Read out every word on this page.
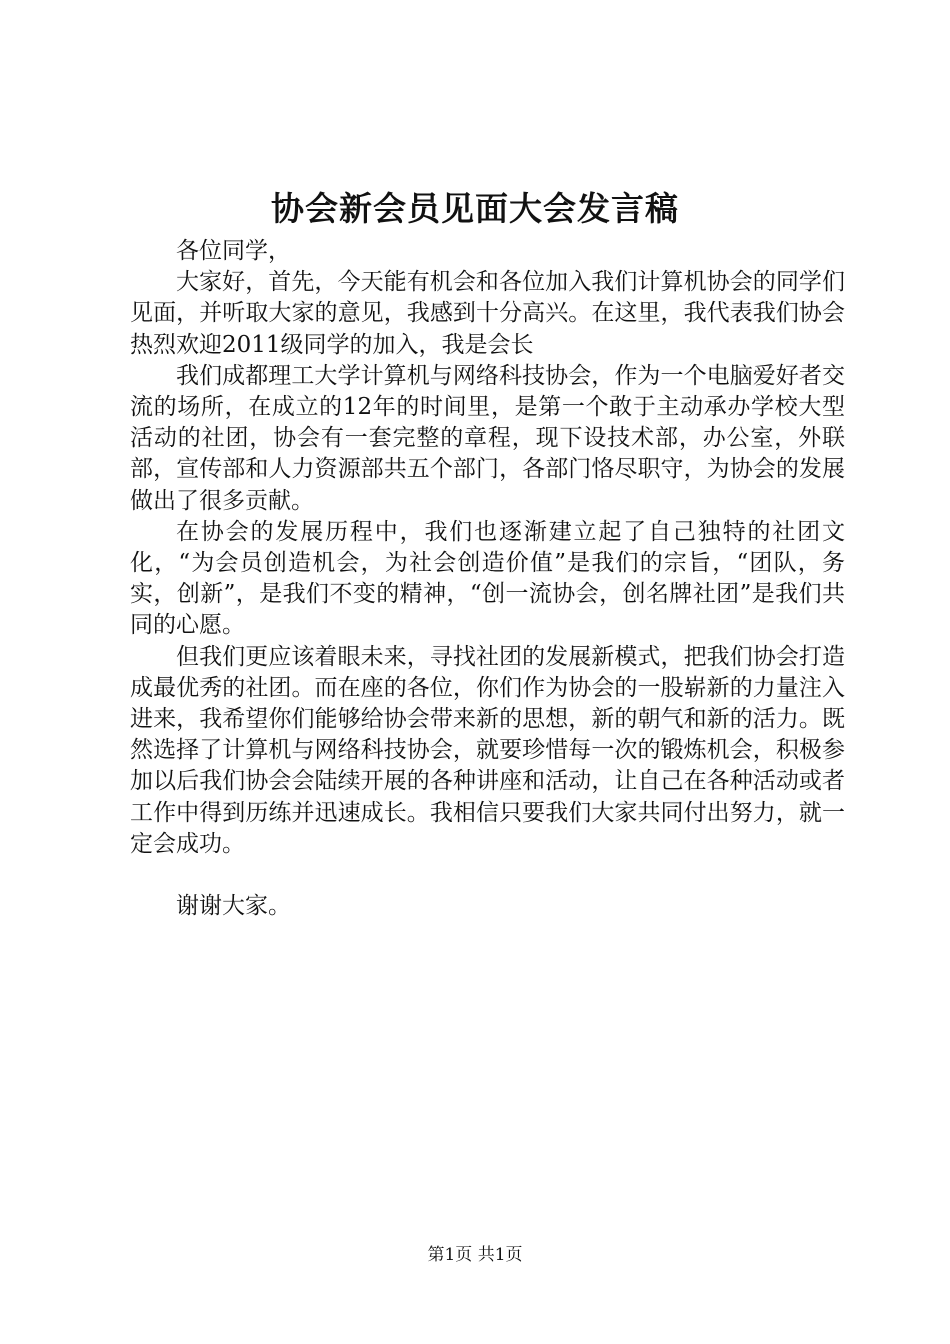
协会新会员见面大会发言稿

各位同学，

大家好，首先，今天能有机会和各位加入我们计算机协会的同学们见面，并听取大家的意见，我感到十分高兴。在这里，我代表我们协会热烈欢迎2011级同学的加入，我是会长

我们成都理工大学计算机与网络科技协会，作为一个电脑爱好者交流的场所，在成立的12年的时间里，是第一个敢于主动承办学校大型活动的社团，协会有一套完整的章程，现下设技术部，办公室，外联部，宣传部和人力资源部共五个部门，各部门恪尽职守，为协会的发展做出了很多贡献。

在协会的发展历程中，我们也逐渐建立起了自己独特的社团文化，“为会员创造机会，为社会创造价值”是我们的宗旨，“团队，务实，创新”，是我们不变的精神，“创一流协会，创名牌社团”是我们共同的心愿。

但我们更应该着眼未来，寻找社团的发展新模式，把我们协会打造成最优秀的社团。而在座的各位，你们作为协会的一股崭新的力量注入进来，我希望你们能够给协会带来新的思想，新的朝气和新的活力。既然选择了计算机与网络科技协会，就要珍惜每一次的锻炼机会，积极参加以后我们协会会陆续开展的各种讲座和活动，让自己在各种活动或者工作中得到历练并迅速成长。我相信只要我们大家共同付出努力，就一定会成功。

谢谢大家。

第1页 共1页
